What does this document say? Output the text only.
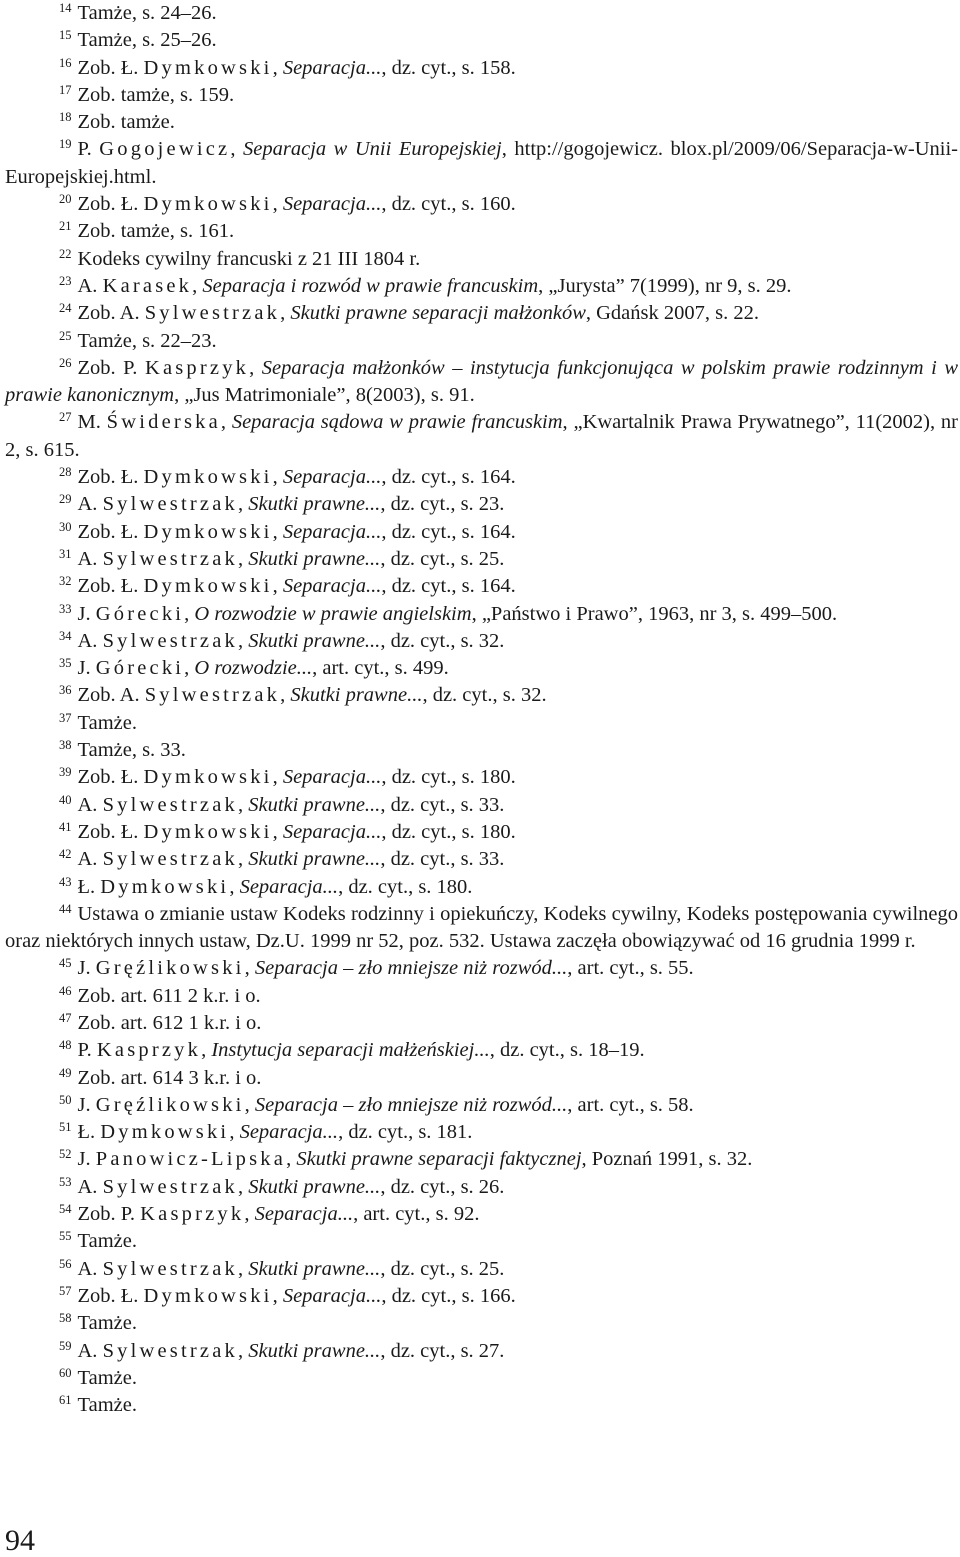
$^{14}$ Tamże, s. 24–26.
$^{15}$ Tamże, s. 25–26.
$^{16}$ Zob. Ł. Dymkowski, Separacja..., dz. cyt., s. 158.
$^{17}$ Zob. tamże, s. 159.
$^{18}$ Zob. tamże.
$^{19}$ P. Gogojewicz, Separacja w Unii Europejskiej, http://gogojewicz. blox.pl/2009/06/Separacja-w-Unii-Europejskiej.html.
$^{20}$ Zob. Ł. Dymkowski, Separacja..., dz. cyt., s. 160.
$^{21}$ Zob. tamże, s. 161.
$^{22}$ Kodeks cywilny francuski z 21 III 1804 r.
$^{23}$ A. Karasek, Separacja i rozwód w prawie francuskim, „Jurysta” 7(1999), nr 9, s. 29.
$^{24}$ Zob. A. Sylwestrzak, Skutki prawne separacji małżonków, Gdańsk 2007, s. 22.
$^{25}$ Tamże, s. 22–23.
$^{26}$ Zob. P. Kasprzyk, Separacja małżonków – instytucja funkcjonująca w polskim prawie rodzinnym i w prawie kanonicznym, „Jus Matrimoniale”, 8(2003), s. 91.
$^{27}$ M. Świderska, Separacja sądowa w prawie francuskim, „Kwartalnik Prawa Prywatnego”, 11(2002), nr 2, s. 615.
$^{28}$ Zob. Ł. Dymkowski, Separacja..., dz. cyt., s. 164.
$^{29}$ A. Sylwestrzak, Skutki prawne..., dz. cyt., s. 23.
$^{30}$ Zob. Ł. Dymkowski, Separacja..., dz. cyt., s. 164.
$^{31}$ A. Sylwestrzak, Skutki prawne..., dz. cyt., s. 25.
$^{32}$ Zob. Ł. Dymkowski, Separacja..., dz. cyt., s. 164.
$^{33}$ J. Górecki, O rozwodzie w prawie angielskim, „Państwo i Prawo”, 1963, nr 3, s. 499–500.
$^{34}$ A. Sylwestrzak, Skutki prawne..., dz. cyt., s. 32.
$^{35}$ J. Górecki, O rozwodzie..., art. cyt., s. 499.
$^{36}$ Zob. A. Sylwestrzak, Skutki prawne..., dz. cyt., s. 32.
$^{37}$ Tamże.
$^{38}$ Tamże, s. 33.
$^{39}$ Zob. Ł. Dymkowski, Separacja..., dz. cyt., s. 180.
$^{40}$ A. Sylwestrzak, Skutki prawne..., dz. cyt., s. 33.
$^{41}$ Zob. Ł. Dymkowski, Separacja..., dz. cyt., s. 180.
$^{42}$ A. Sylwestrzak, Skutki prawne..., dz. cyt., s. 33.
$^{43}$ Ł. Dymkowski, Separacja..., dz. cyt., s. 180.
$^{44}$ Ustawa o zmianie ustaw Kodeks rodzinny i opiekuńczy, Kodeks cywilny, Kodeks postępowania cywilnego oraz niektórych innych ustaw, Dz.U. 1999 nr 52, poz. 532. Ustawa zaczęła obowiązywać od 16 grudnia 1999 r.
$^{45}$ J. Gręźlikowski, Separacja – zło mniejsze niż rozwód..., art. cyt., s. 55.
$^{46}$ Zob. art. 611 2 k.r. i o.
$^{47}$ Zob. art. 612 1 k.r. i o.
$^{48}$ P. Kasprzyk, Instytucja separacji małżeńskiej..., dz. cyt., s. 18–19.
$^{49}$ Zob. art. 614 3 k.r. i o.
$^{50}$ J. Gręźlikowski, Separacja – zło mniejsze niż rozwód..., art. cyt., s. 58.
$^{51}$ Ł. Dymkowski, Separacja..., dz. cyt., s. 181.
$^{52}$ J. Panowicz-Lipska, Skutki prawne separacji faktycznej, Poznań 1991, s. 32.
$^{53}$ A. Sylwestrzak, Skutki prawne..., dz. cyt., s. 26.
$^{54}$ Zob. P. Kasprzyk, Separacja..., art. cyt., s. 92.
$^{55}$ Tamże.
$^{56}$ A. Sylwestrzak, Skutki prawne..., dz. cyt., s. 25.
$^{57}$ Zob. Ł. Dymkowski, Separacja..., dz. cyt., s. 166.
$^{58}$ Tamże.
$^{59}$ A. Sylwestrzak, Skutki prawne..., dz. cyt., s. 27.
$^{60}$ Tamże.
$^{61}$ Tamże.
94
